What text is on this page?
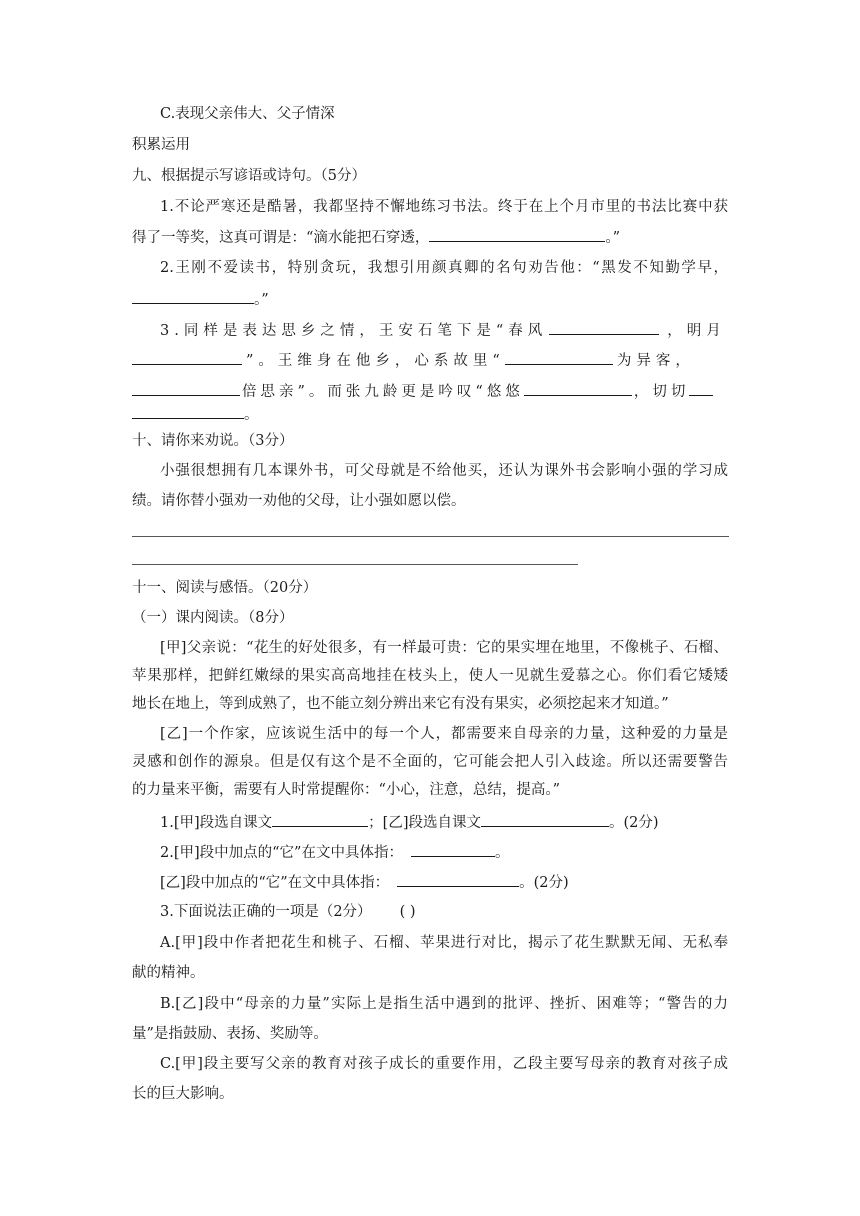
C.表现父亲伟大、父子情深
积累运用
九、根据提示写谚语或诗句。（5分）
1.不论严寒还是酷暑，我都坚持不懈地练习书法。终于在上个月市里的书法比赛中获
得了一等奖，这真可谓是：“滴水能把石穿透，	。”
2.王刚不爱读书，特别贪玩，我想引用颜真卿的名句劝告他：“黑发不知勤学早，
。”
3.同样是表达思乡之情，王安石笔下是“春风	，明月
”。王维身在他乡，心系故里“	为异客，
倍思亲”。而张九龄更是吟叹“悠悠	，切切
。
十、请你来劝说。（3分）
小强很想拥有几本课外书，可父母就是不给他买，还认为课外书会影响小强的学习成
绩。请你替小强劝一劝他的父母，让小强如愿以偿。
十一、阅读与感悟。（20分）
（一）课内阅读。（8分）
[甲]父亲说：“花生的好处很多，有一样最可贵：它的果实埋在地里，不像桃子、石榴、
苹果那样，把鲜红嫩绿的果实高高地挂在枝头上，使人一见就生爱慕之心。你们看它矮矮
地长在地上，等到成熟了，也不能立刻分辨出来它有没有果实，必须挖起来才知道。”
[乙]一个作家，应该说生活中的每一个人，都需要来自母亲的力量，这种爱的力量是
灵感和创作的源泉。但是仅有这个是不全面的，它可能会把人引入歧途。所以还需要警告
的力量来平衡，需要有人时常提醒你：“小心，注意，总结，提高。”
1.[甲]段选自课文	；[乙]段选自课文	。(2分)
2.[甲]段中加点的“它”在文中具体指：	。
[乙]段中加点的“它”在文中具体指：	。(2分)
3.下面说法正确的一项是（2分） ( )
A.[甲]段中作者把花生和桃子、石榴、苹果进行对比，揭示了花生默默无闻、无私奉
献的精神。
B.[乙]段中“母亲的力量”实际上是指生活中遇到的批评、挫折、困难等；“警告的力
量”是指鼓励、表扬、奖励等。
C.[甲]段主要写父亲的教育对孩子成长的重要作用，乙段主要写母亲的教育对孩子成
长的巨大影响。
